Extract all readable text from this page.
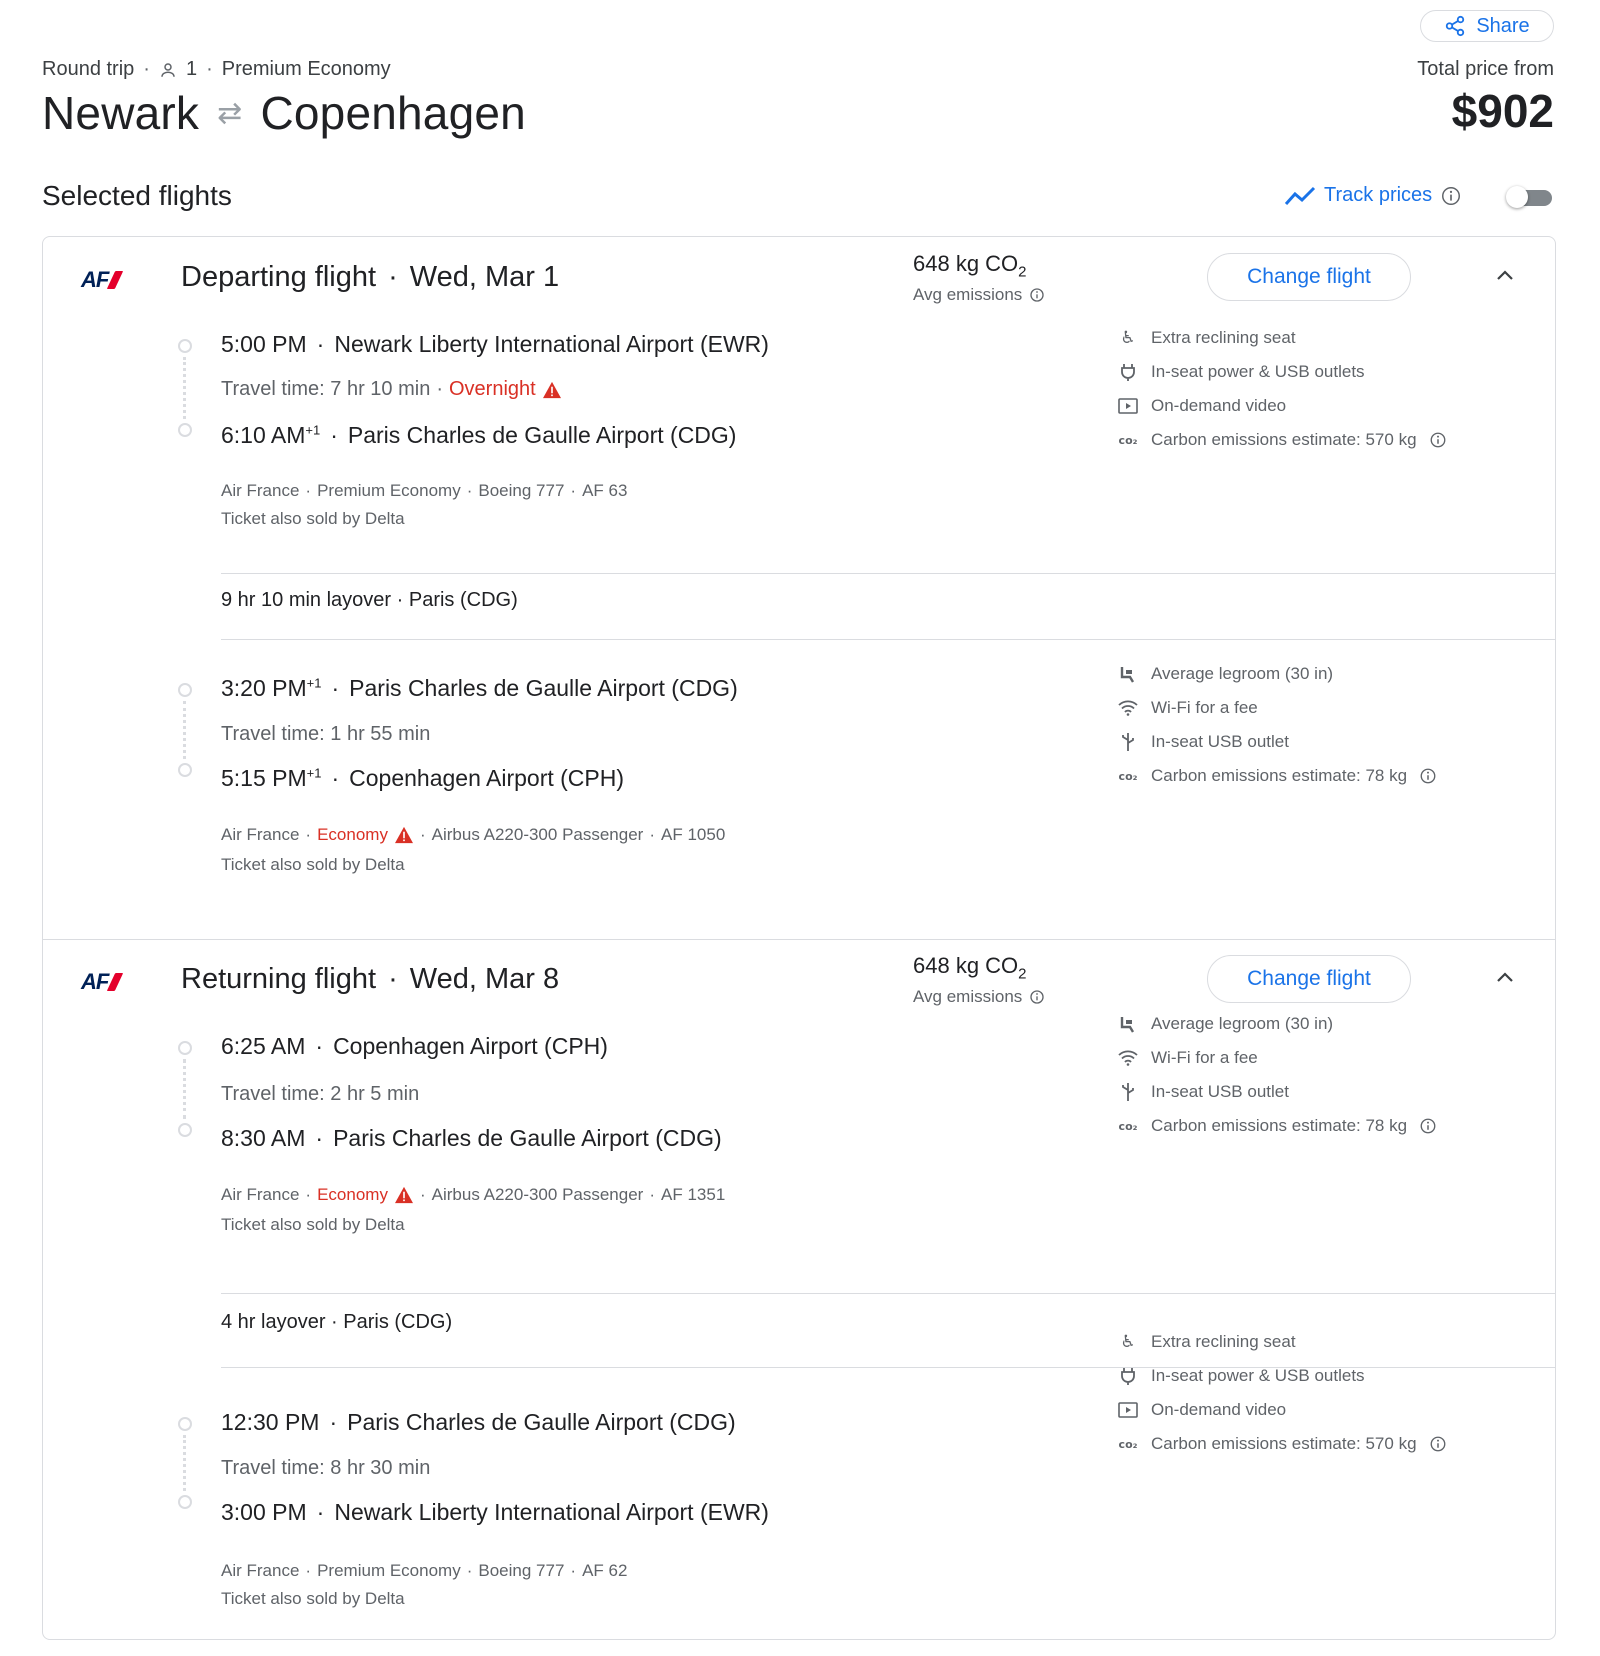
Share
Round trip · 1 · Premium Economy
Newark ⇄ Copenhagen
Total price from
$902
Selected flights	Track prices
AF	Departing flight · Wed, Mar 1	648 kg $CO_2$
Avg emissions
Change flight
5:00 PM · Newark Liberty International Airport (EWR)
Travel time: 7 hr 10 min · Overnight
6:10 $AM^{+1}$ · Paris Charles de Gaulle Airport (CDG)
Air France · Premium Economy · Boeing 777 · AF 63
Ticket also sold by Delta
♿ Extra reclining seat
In-seat power & USB outlets
On-demand video
co₂ Carbon emissions estimate: 570 kg
9 hr 10 min layover · Paris (CDG)
3:20 $PM^{+1}$ · Paris Charles de Gaulle Airport (CDG)
Travel time: 1 hr 55 min
5:15 $PM^{+1}$ · Copenhagen Airport (CPH)
Air France · Economy · Airbus A220-300 Passenger · AF 1050
Ticket also sold by Delta
Average legroom (30 in)
Wi-Fi for a fee
In-seat USB outlet
co₂ Carbon emissions estimate: 78 kg
AF	Returning flight · Wed, Mar 8	648 kg $CO_2$
Avg emissions
Change flight
6:25 AM · Copenhagen Airport (CPH)
Travel time: 2 hr 5 min
8:30 AM · Paris Charles de Gaulle Airport (CDG)
Air France · Economy · Airbus A220-300 Passenger · AF 1351
Ticket also sold by Delta
Average legroom (30 in)
Wi-Fi for a fee
In-seat USB outlet
co₂ Carbon emissions estimate: 78 kg
4 hr layover · Paris (CDG)
12:30 PM · Paris Charles de Gaulle Airport (CDG)
Travel time: 8 hr 30 min
3:00 PM · Newark Liberty International Airport (EWR)
Air France · Premium Economy · Boeing 777 · AF 62
Ticket also sold by Delta
♿ Extra reclining seat
In-seat power & USB outlets
On-demand video
co₂ Carbon emissions estimate: 570 kg
